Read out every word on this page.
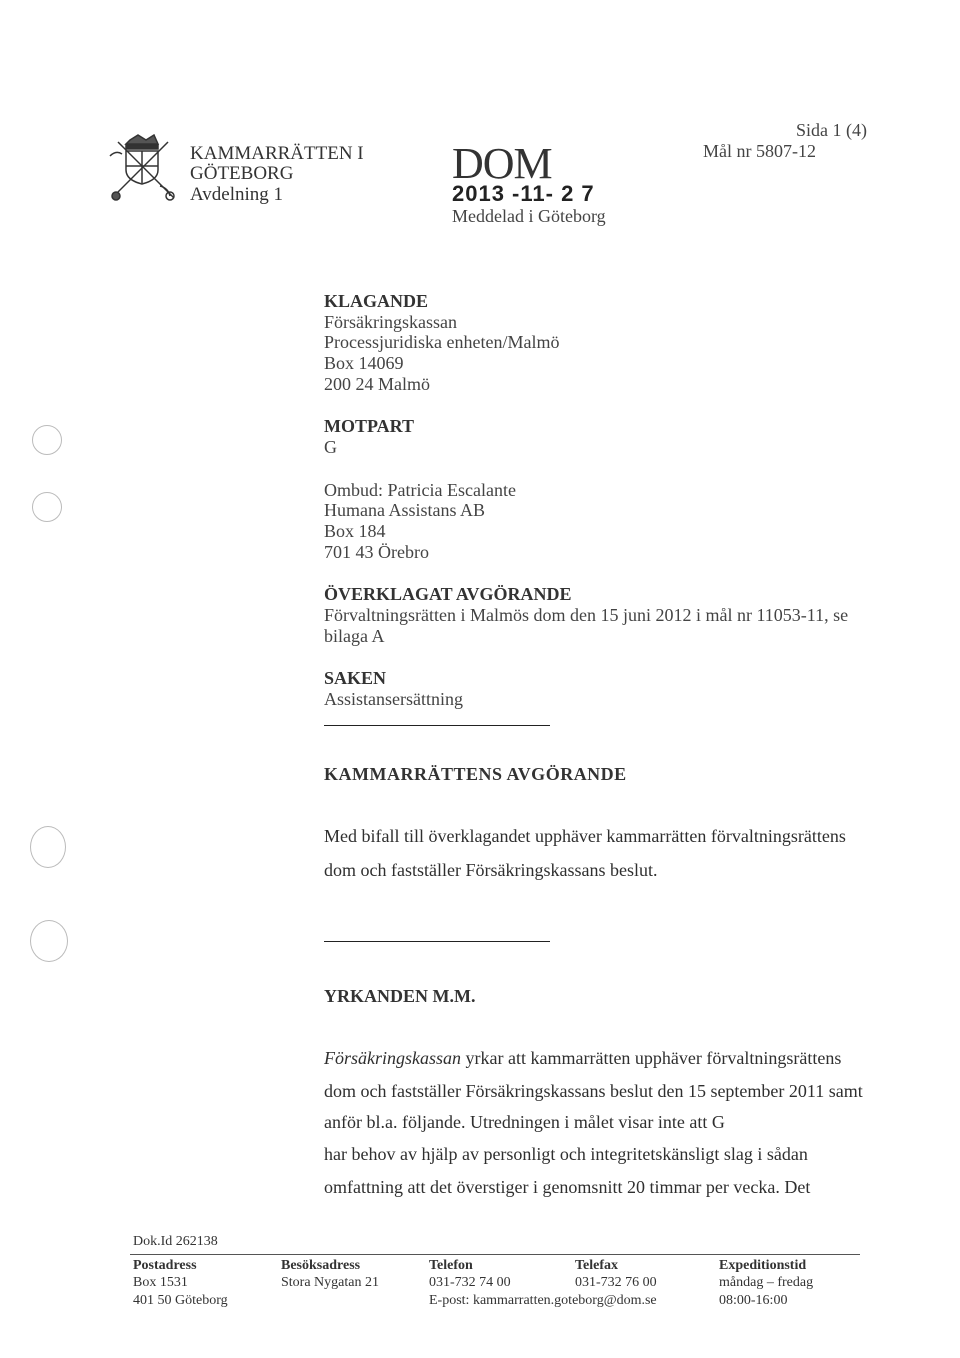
KAMMARRÄTTEN I
GÖTEBORG
Avdelning 1
DOM
2013 -11- 2 7
Meddelad i Göteborg
Sida 1 (4)
Mål nr 5807-12
KLAGANDE
Försäkringskassan
Processjuridiska enheten/Malmö
Box 14069
200 24 Malmö
MOTPART
G
Ombud: Patricia Escalante
Humana Assistans AB
Box 184
701 43 Örebro
ÖVERKLAGAT AVGÖRANDE
Förvaltningsrätten i Malmös dom den 15 juni 2012 i mål nr 11053-11, se
bilaga A
SAKEN
Assistansersättning
KAMMARRÄTTENS AVGÖRANDE
Med bifall till överklagandet upphäver kammarrätten förvaltningsrättens
dom och fastställer Försäkringskassans beslut.
YRKANDEN M.M.
Försäkringskassan yrkar att kammarrätten upphäver förvaltningsrättens
dom och fastställer Försäkringskassans beslut den 15 september 2011 samt
anför bl.a. följande. Utredningen i målet visar inte att G
har behov av hjälp av personligt och integritetskänsligt slag i sådan
omfattning att det överstiger i genomsnitt 20 timmar per vecka. Det
Dok.Id 262138
Postadress
Box 1531
401 50 Göteborg
Besöksadress
Stora Nygatan 21
Telefon
031-732 74 00
E-post: kammarratten.goteborg@dom.se
Telefax
031-732 76 00
Expeditionstid
måndag – fredag
08:00-16:00
